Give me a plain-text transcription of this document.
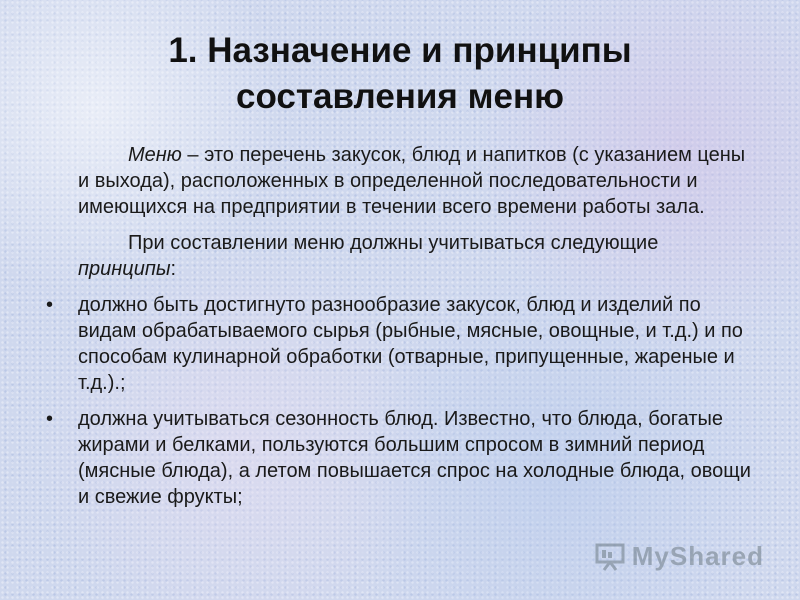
1. Назначение и принципы
составления меню

Меню – это перечень закусок, блюд и напитков (с указанием цены и выхода), расположенных в определенной последовательности и имеющихся на предприятии в течении всего времени работы зала.

При составлении меню должны учитываться следующие принципы:

• должно быть достигнуто разнообразие закусок, блюд и изделий по видам обрабатываемого сырья (рыбные, мясные, овощные, и т.д.) и по способам кулинарной обработки (отварные, припущенные, жареные и т.д.).;
• должна учитываться сезонность блюд. Известно, что блюда, богатые жирами и белками, пользуются большим спросом в зимний период (мясные блюда), а летом повышается спрос на холодные блюда, овощи и свежие фрукты;
MyShared
